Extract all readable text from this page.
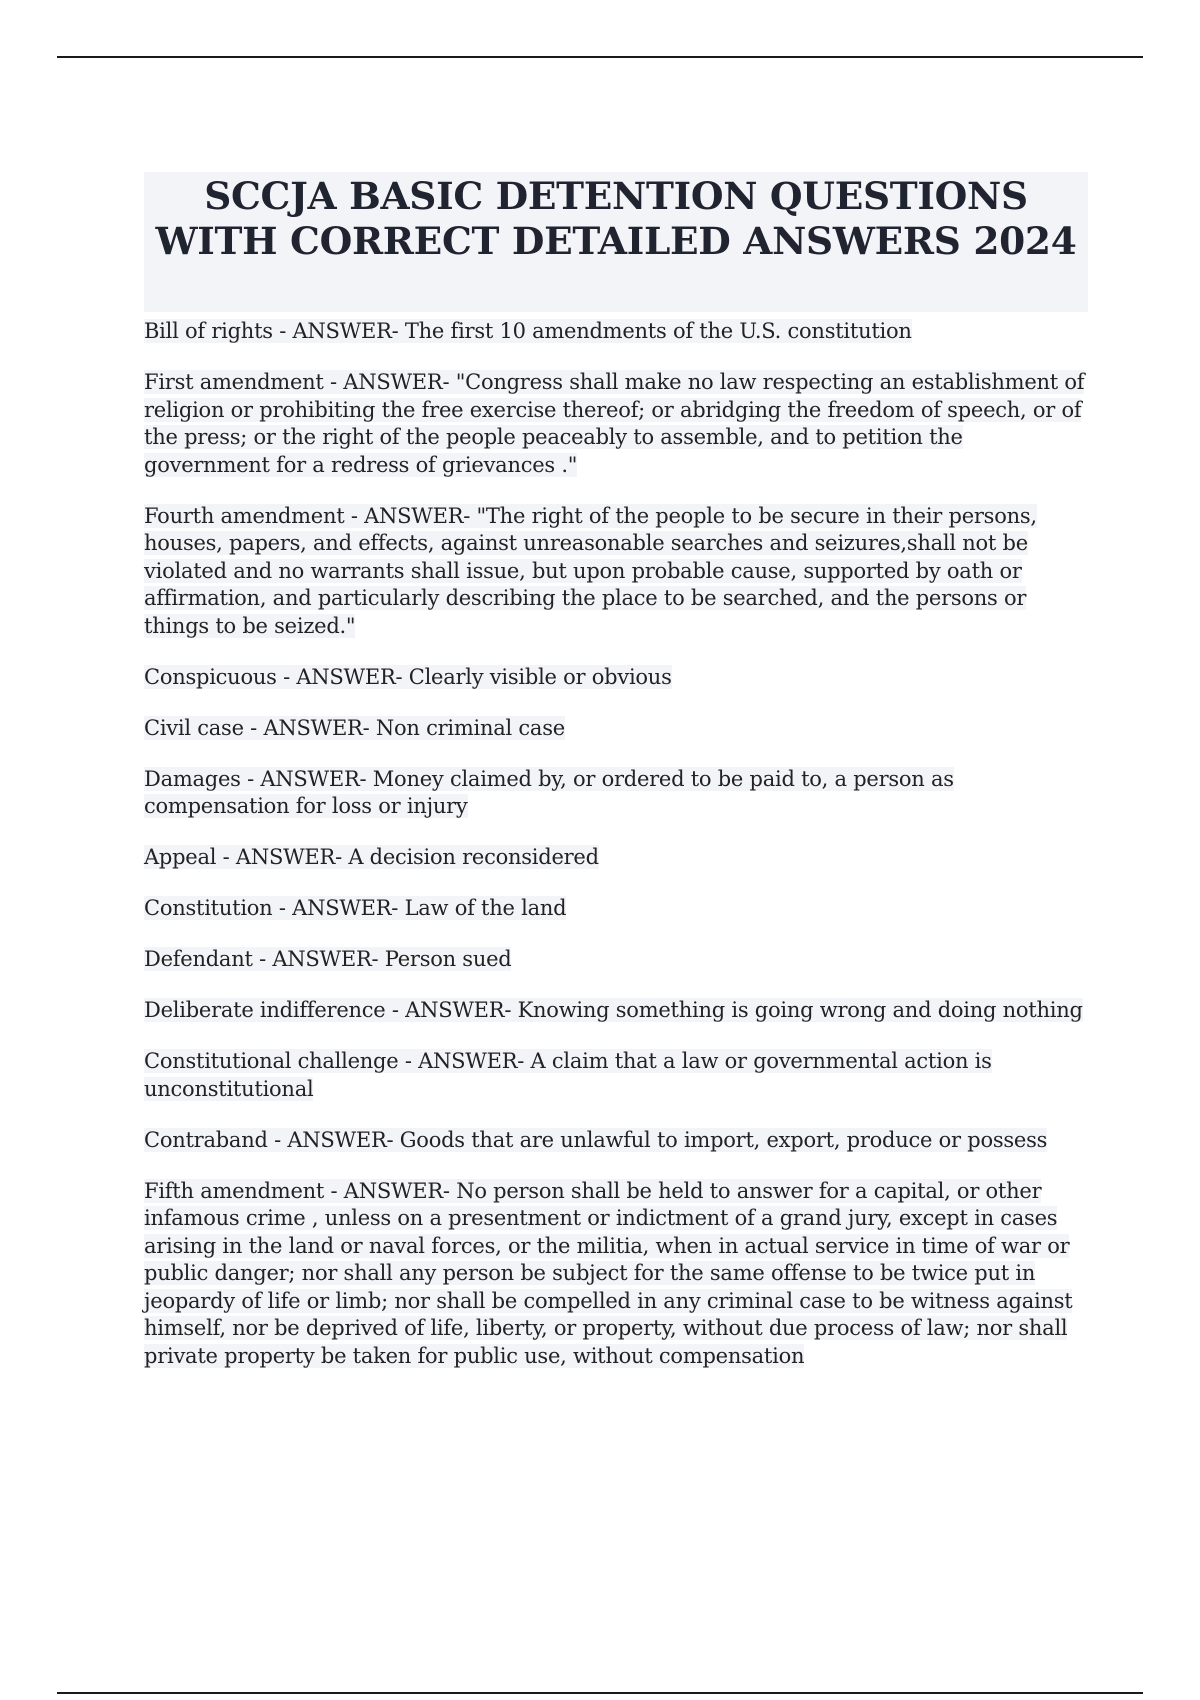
SCCJA BASIC DETENTION QUESTIONS WITH CORRECT DETAILED ANSWERS 2024

Bill of rights - ANSWER- The first 10 amendments of the U.S. constitution

First amendment - ANSWER- "Congress shall make no law respecting an establishment of religion or prohibiting the free exercise thereof; or abridging the freedom of speech, or of the press; or the right of the people peaceably to assemble, and to petition the government for a redress of grievances ."

Fourth amendment - ANSWER- "The right of the people to be secure in their persons, houses, papers, and effects, against unreasonable searches and seizures,shall not be violated and no warrants shall issue, but upon probable cause, supported by oath or affirmation, and particularly describing the place to be searched, and the persons or things to be seized."

Conspicuous - ANSWER- Clearly visible or obvious

Civil case - ANSWER- Non criminal case

Damages - ANSWER- Money claimed by, or ordered to be paid to, a person as compensation for loss or injury

Appeal - ANSWER- A decision reconsidered

Constitution - ANSWER- Law of the land

Defendant - ANSWER- Person sued

Deliberate indifference - ANSWER- Knowing something is going wrong and doing nothing

Constitutional challenge - ANSWER- A claim that a law or governmental action is unconstitutional

Contraband - ANSWER- Goods that are unlawful to import, export, produce or possess

Fifth amendment - ANSWER- No person shall be held to answer for a capital, or other infamous crime , unless on a presentment or indictment of a grand jury, except in cases arising in the land or naval forces, or the militia, when in actual service in time of war or public danger; nor shall any person be subject for the same offense to be twice put in jeopardy of life or limb; nor shall be compelled in any criminal case to be witness against himself, nor be deprived of life, liberty, or property, without due process of law; nor shall private property be taken for public use, without compensation
